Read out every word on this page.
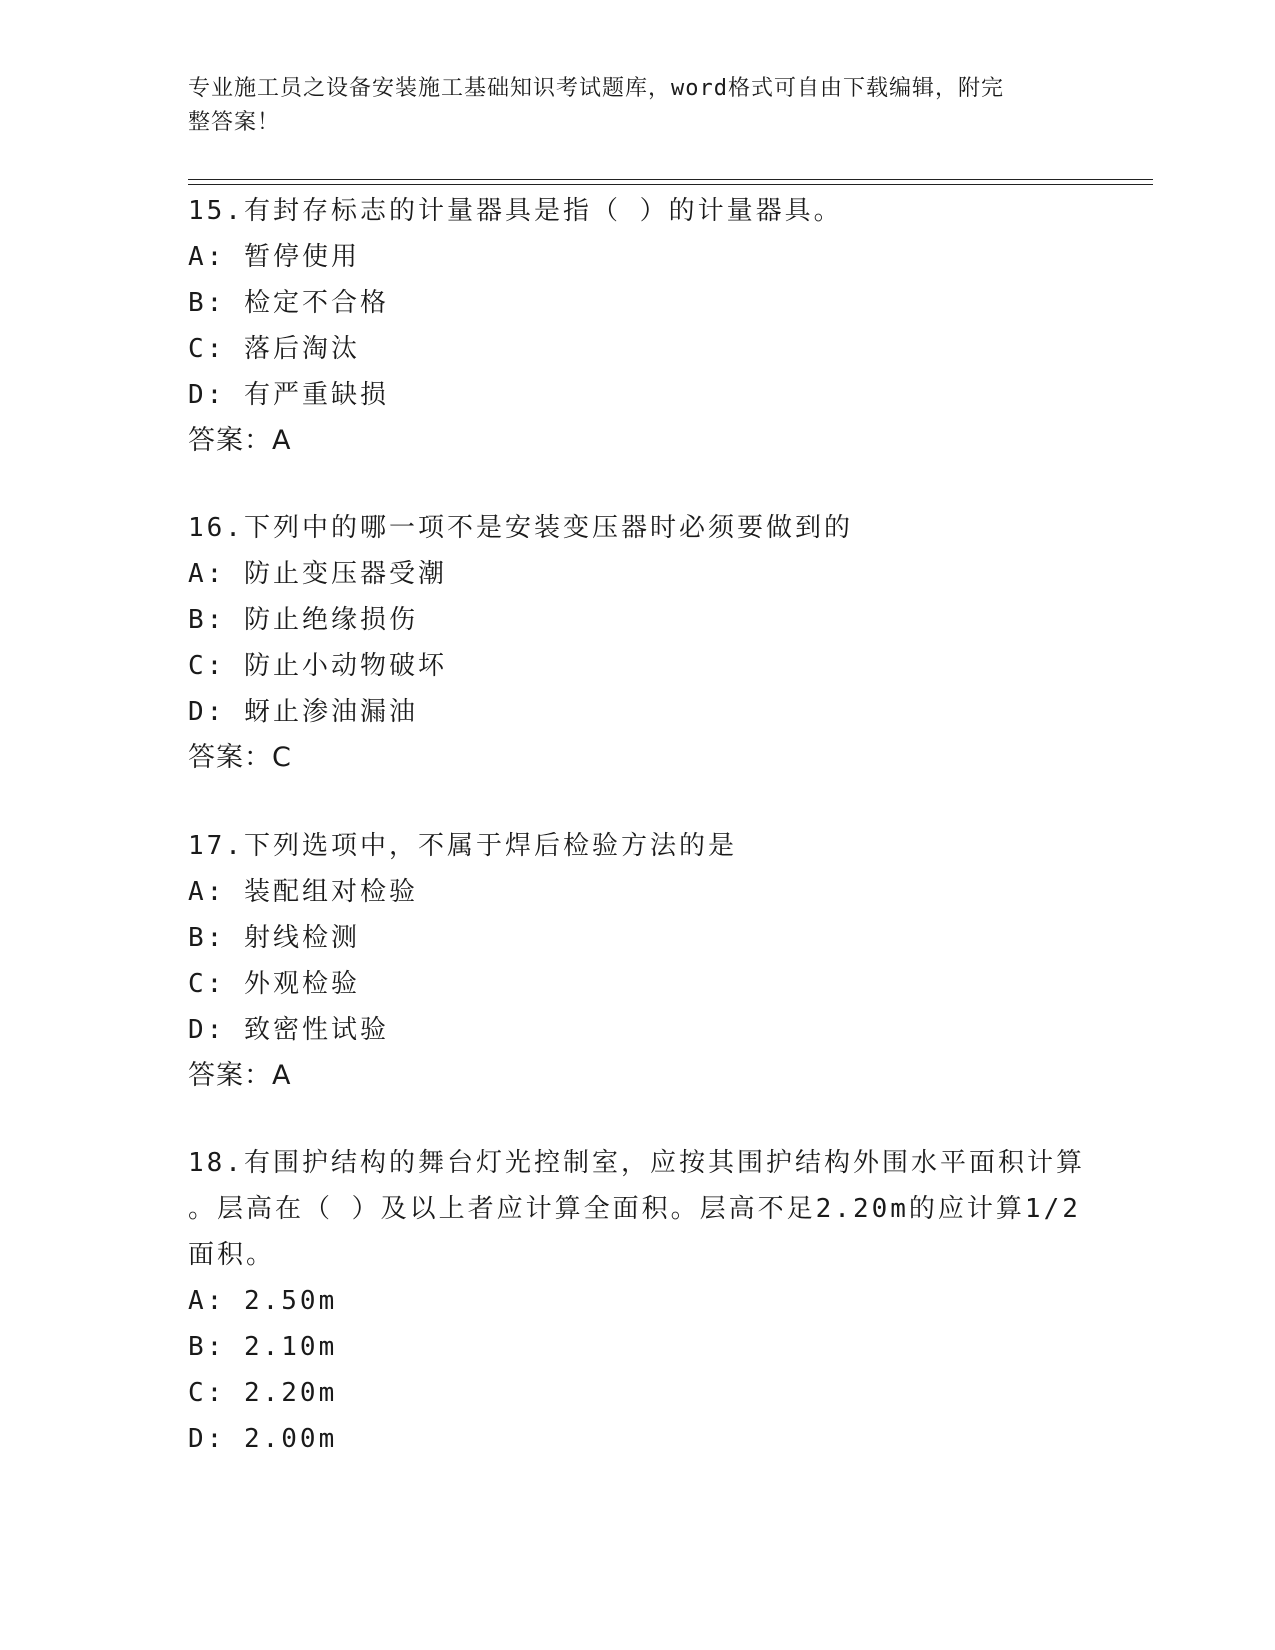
专业施工员之设备安装施工基础知识考试题库，word格式可自由下载编辑，附完
整答案！
15.有封存标志的计量器具是指（ ）的计量器具。
A: 暂停使用
B: 检定不合格
C: 落后淘汰
D: 有严重缺损
答案：A
16.下列中的哪一项不是安装变压器时必须要做到的
A: 防止变压器受潮
B: 防止绝缘损伤
C: 防止小动物破坏
D: 蚜止渗油漏油
答案：C
17.下列选项中，不属于焊后检验方法的是
A: 装配组对检验
B: 射线检测
C: 外观检验
D: 致密性试验
答案：A
18.有围护结构的舞台灯光控制室，应按其围护结构外围水平面积计算
。层高在（ ）及以上者应计算全面积。层高不足2.20m的应计算1/2
面积。
A: 2.50m
B: 2.10m
C: 2.20m
D: 2.00m
